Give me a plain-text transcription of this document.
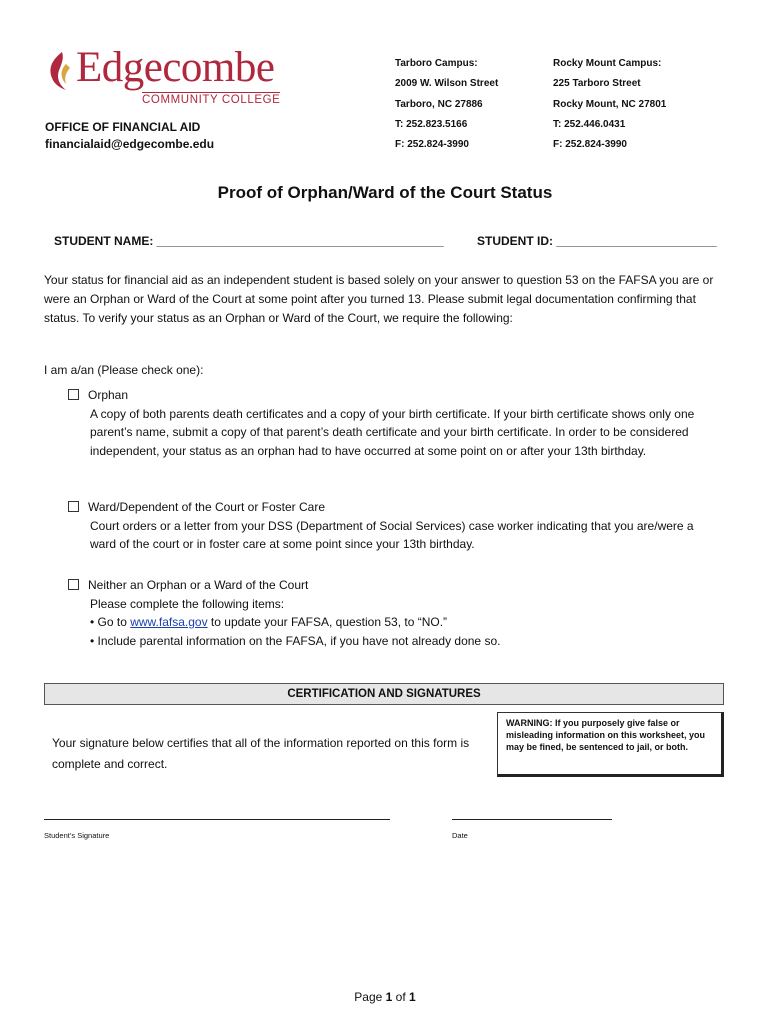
Edgecombe
COMMUNITY COLLEGE
OFFICE OF FINANCIAL AID
financialaid@edgecombe.edu
Tarboro Campus:
2009 W. Wilson Street
Tarboro, NC 27886
T: 252.823.5166
F: 252.824-3990
Rocky Mount Campus:
225 Tarboro Street
Rocky Mount, NC 27801
T: 252.446.0431
F: 252.824-3990
Proof of Orphan/Ward of the Court Status
STUDENT NAME: ___________________________________________	STUDENT ID: ________________________

Your status for financial aid as an independent student is based solely on your answer to question 53 on the FAFSA you are or were an Orphan or Ward of the Court at some point after you turned 13. Please submit legal documentation confirming that status. To verify your status as an Orphan or Ward of the Court, we require the following:

I am a/an (Please check one):
Orphan
A copy of both parents death certificates and a copy of your birth certificate. If your birth certificate shows only one parent’s name, submit a copy of that parent’s death certificate and your birth certificate. In order to be considered independent, your status as an orphan had to have occurred at some point on or after your 13th birthday.
Ward/Dependent of the Court or Foster Care
Court orders or a letter from your DSS (Department of Social Services) case worker indicating that you are/were a ward of the court or in foster care at some point since your 13th birthday.
Neither an Orphan or a Ward of the Court
Please complete the following items:
• Go to www.fafsa.gov to update your FAFSA, question 53, to “NO.”
• Include parental information on the FAFSA, if you have not already done so.
CERTIFICATION AND SIGNATURES
Your signature below certifies that all of the information reported on this form is complete and correct.
WARNING: If you purposely give false or misleading information on this worksheet, you may be fined, be sentenced to jail, or both.
Student’s Signature	Date
Page 1 of 1
